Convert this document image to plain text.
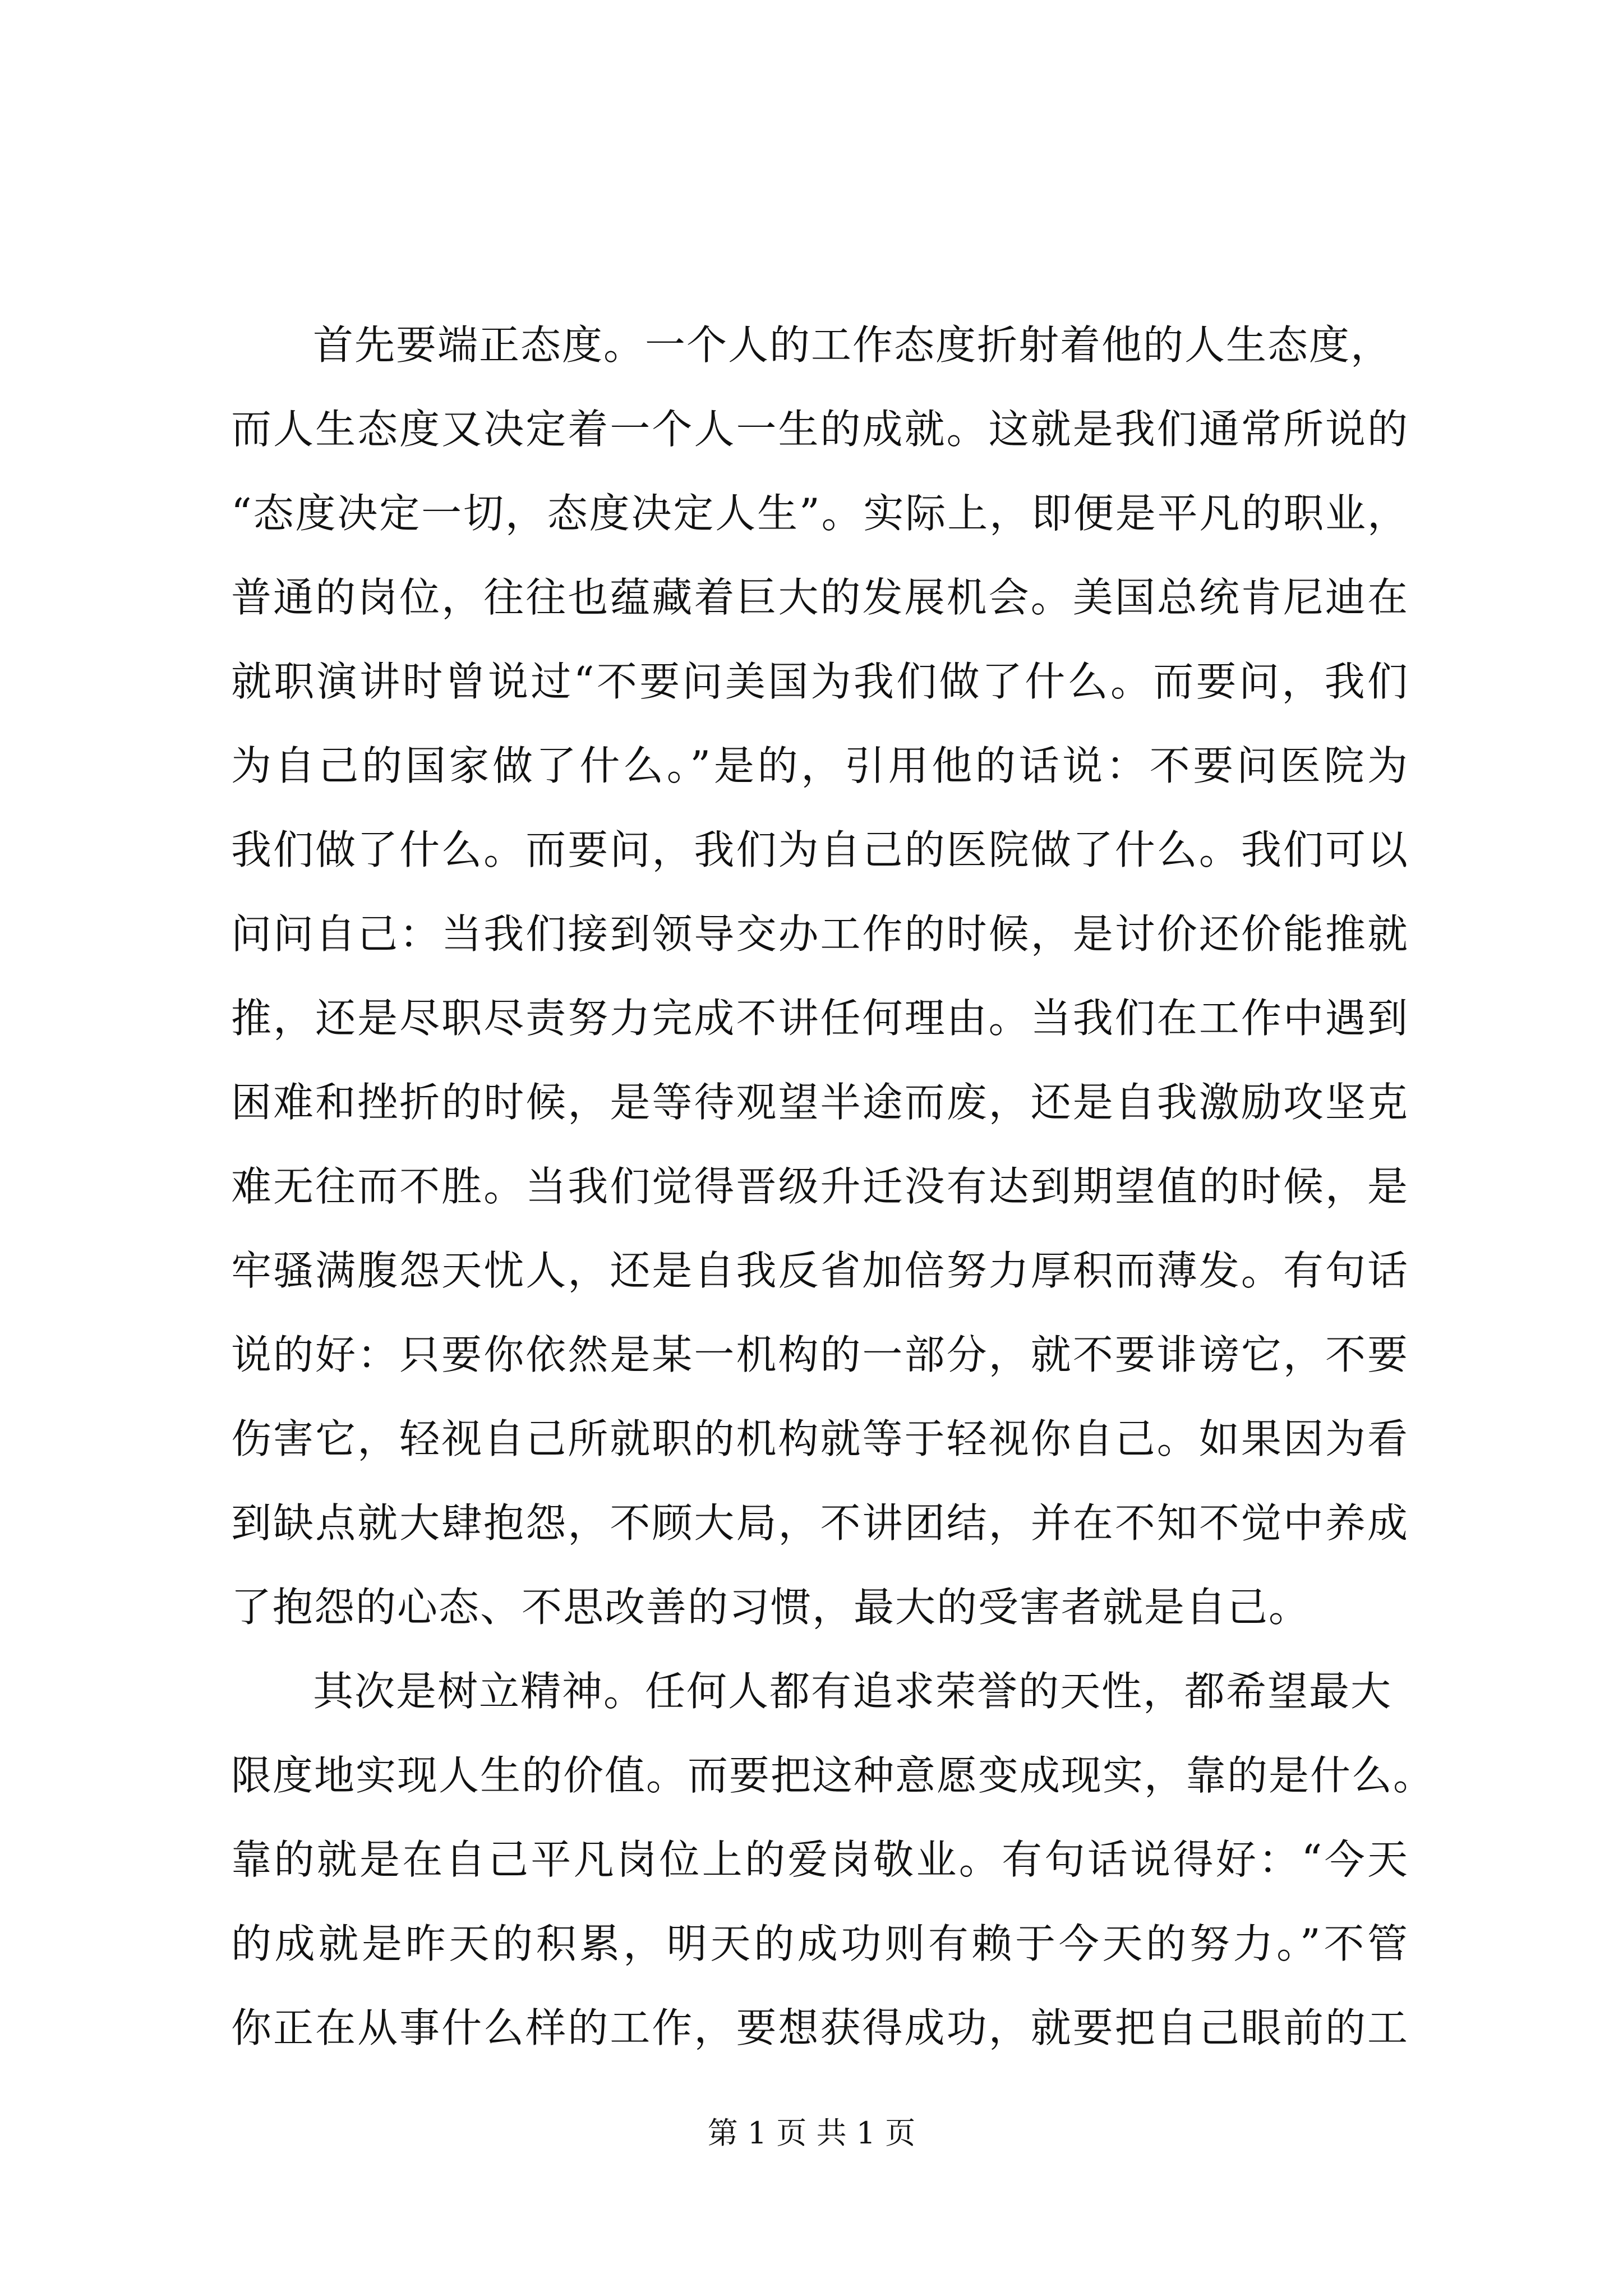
首先要端正态度。一个人的工作态度折射着他的人生态度，
而人生态度又决定着一个人一生的成就。这就是我们通常所说的
“态度决定一切，态度决定人生”。实际上，即便是平凡的职业，
普通的岗位，往往也蕴藏着巨大的发展机会。美国总统肯尼迪在
就职演讲时曾说过“不要问美国为我们做了什么。而要问，我们
为自己的国家做了什么。”是的，引用他的话说：不要问医院为
我们做了什么。而要问，我们为自己的医院做了什么。我们可以
问问自己：当我们接到领导交办工作的时候，是讨价还价能推就
推，还是尽职尽责努力完成不讲任何理由。当我们在工作中遇到
困难和挫折的时候，是等待观望半途而废，还是自我激励攻坚克
难无往而不胜。当我们觉得晋级升迁没有达到期望值的时候，是
牢骚满腹怨天忧人，还是自我反省加倍努力厚积而薄发。有句话
说的好：只要你依然是某一机构的一部分，就不要诽谤它，不要
伤害它，轻视自己所就职的机构就等于轻视你自己。如果因为看
到缺点就大肆抱怨，不顾大局，不讲团结，并在不知不觉中养成
了抱怨的心态、不思改善的习惯，最大的受害者就是自己。
其次是树立精神。任何人都有追求荣誉的天性，都希望最大
限度地实现人生的价值。而要把这种意愿变成现实，靠的是什么。
靠的就是在自己平凡岗位上的爱岗敬业。有句话说得好：“今天
的成就是昨天的积累，明天的成功则有赖于今天的努力。”不管
你正在从事什么样的工作，要想获得成功，就要把自己眼前的工
第 1 页 共 1 页
